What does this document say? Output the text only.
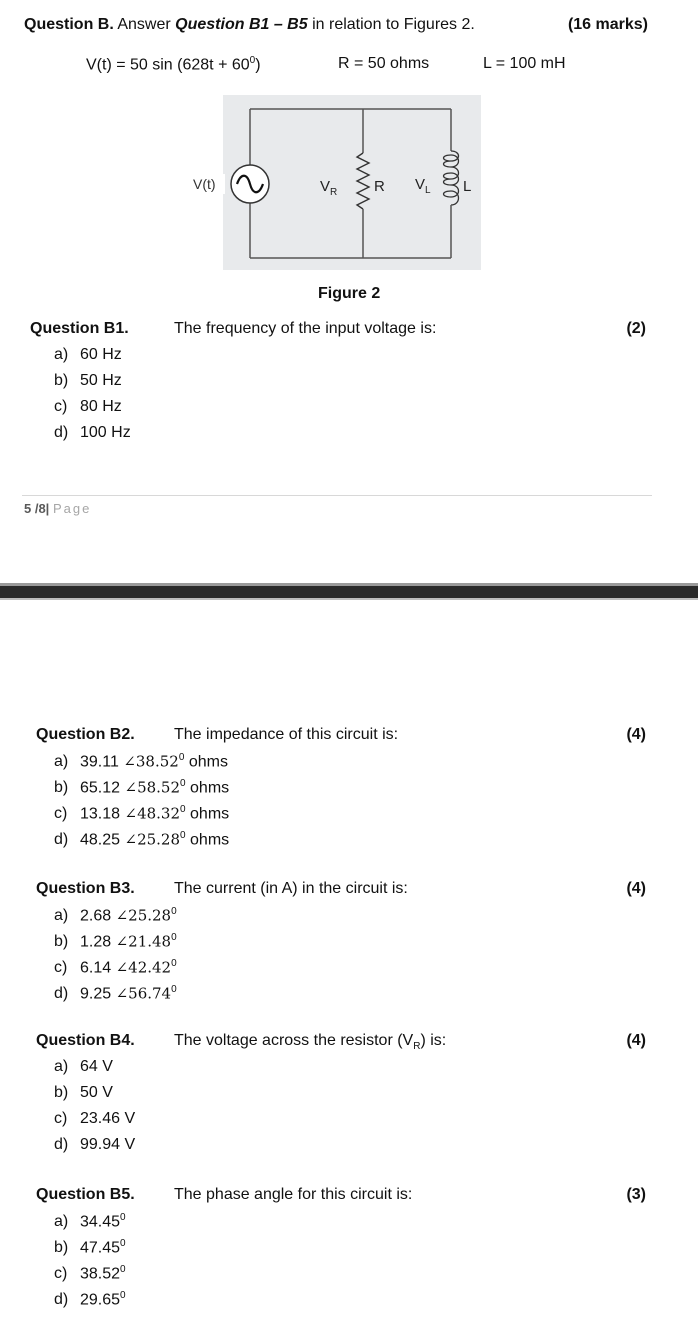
Question B. Answer Question B1 – B5 in relation to Figures 2.	(16 marks)
V(t) = 50 $\sin (628t + 60^0)$	R = 50 ohms	L = 100 mH
V(t)	$V_R$ R $V_L$ L
Figure 2
Question B1.	The frequency of the input voltage is:	(2)
a) 60 Hz
b) 50 Hz
c) 80 Hz
d) 100 Hz
5 /8| Page
Question B2. The impedance of this circuit is:	(4)
a) 39.11 ∠38.52$^0$ ohms
b) 65.12 ∠58.52$^0$ ohms
c) 13.18 ∠48.32$^0$ ohms
d) 48.25 ∠25.28$^0$ ohms
Question B3. The current (in A) in the circuit is:	(4)
a) 2.68 ∠25.28$^0$
b) 1.28 ∠21.48$^0$
c) 6.14 ∠42.42$^0$
d) 9.25 ∠56.74$^0$
Question B4. The voltage across the resistor $(V_R)$ is:	(4)
a) 64 V
b) 50 V
c) 23.46 V
d) 99.94 V
Question B5. The phase angle for this circuit is:	(3)
a) 34.45$^0$
b) 47.45$^0$
c) 38.52$^0$
d) 29.65$^0$
